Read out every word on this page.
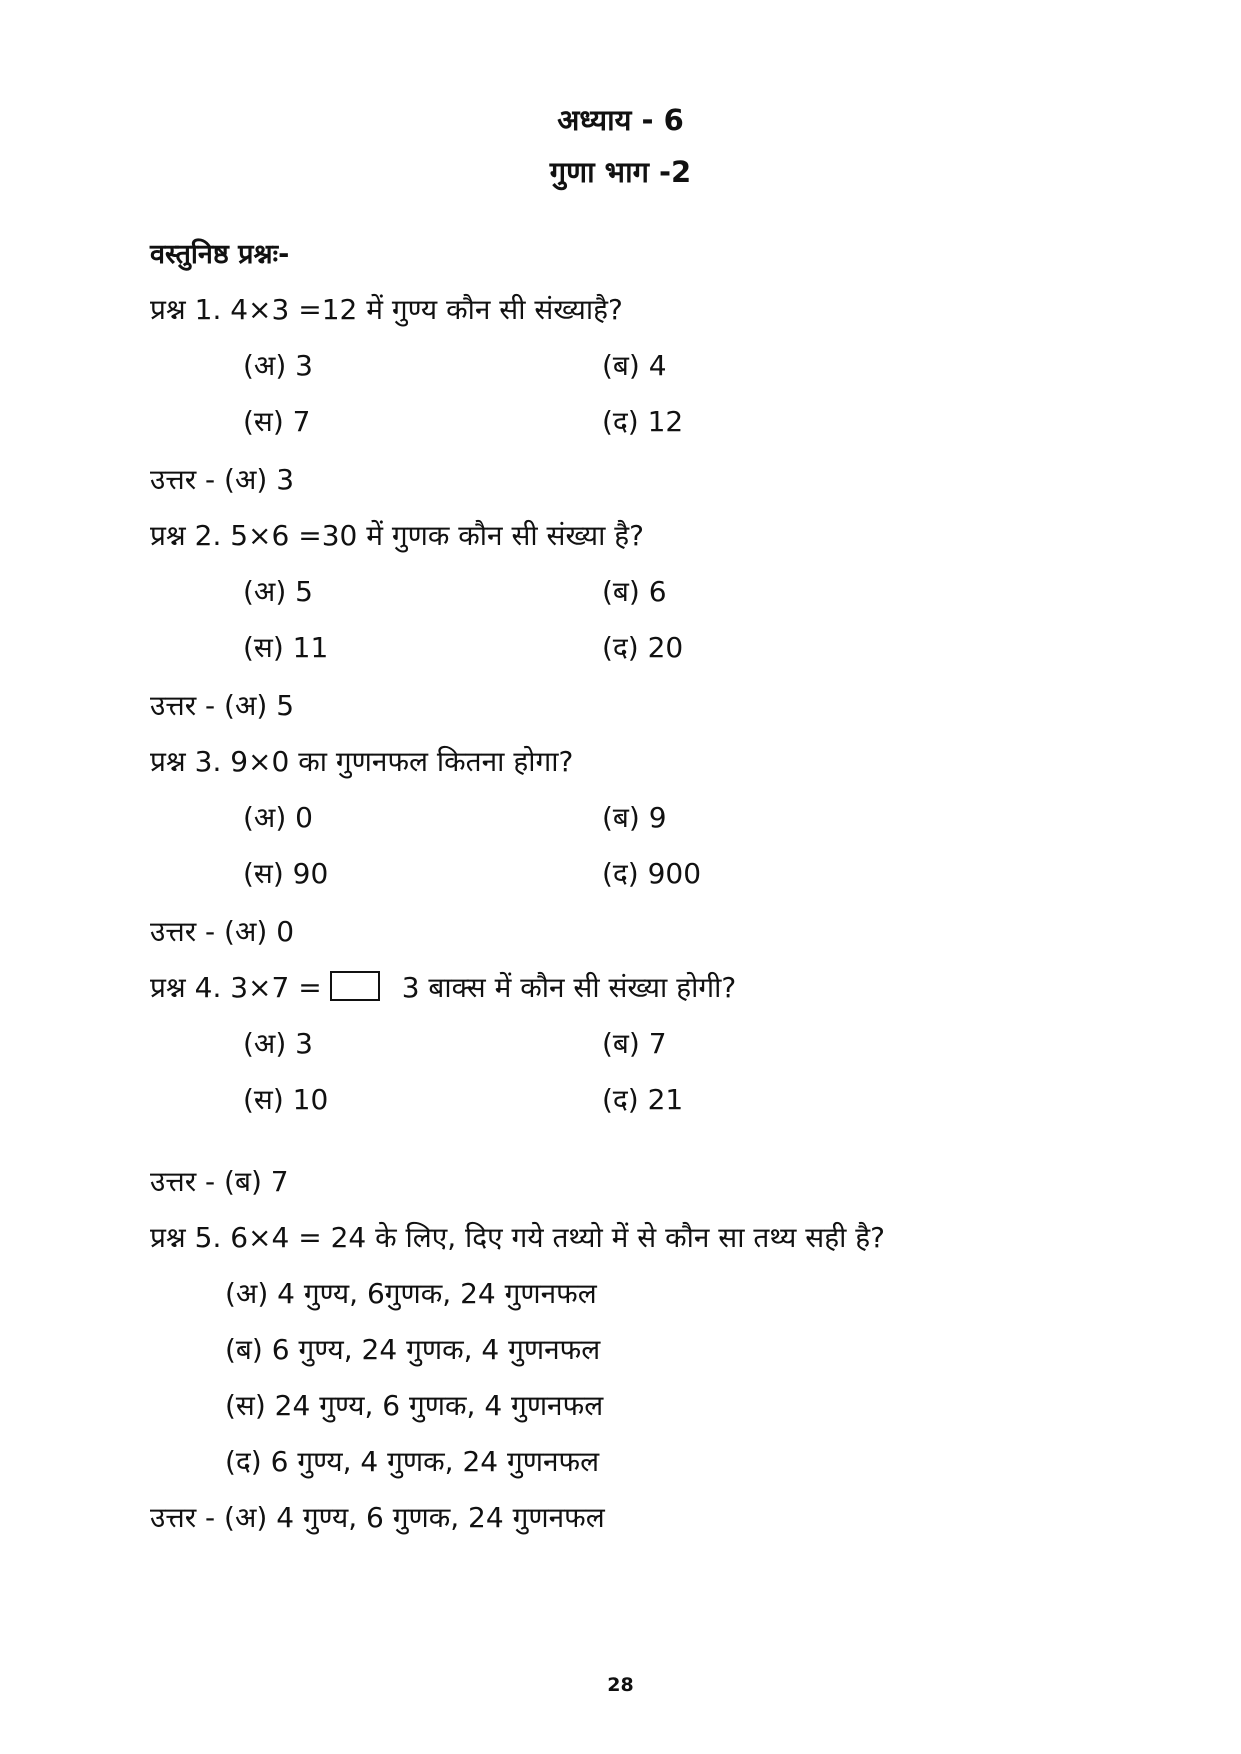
अध्याय - 6
गुणा भाग -2
वस्तुनिष्ठ प्रश्नः-
प्रश्न 1. 4×3 =12 में गुण्य कौन सी संख्याहै?
(अ) 3	(ब) 4
(स) 7	(द) 12
उत्तर - (अ) 3
प्रश्न 2. 5×6 =30 में गुणक कौन सी संख्या है?
(अ) 5	(ब) 6
(स) 11	(द) 20
उत्तर - (अ) 5
प्रश्न 3. 9×0 का गुणनफल कितना होगा?
(अ) 0	(ब) 9
(स) 90	(द) 900
उत्तर - (अ) 0
प्रश्न 4. 3×7 =	3 बाक्स में कौन सी संख्या होगी?
(अ) 3	(ब) 7
(स) 10	(द) 21
उत्तर - (ब) 7
प्रश्न 5. 6×4 = 24 के लिए, दिए गये तथ्यो में से कौन सा तथ्य सही है?
(अ) 4 गुण्य, 6गुणक, 24 गुणनफल
(ब) 6 गुण्य, 24 गुणक, 4 गुणनफल
(स) 24 गुण्य, 6 गुणक, 4 गुणनफल
(द) 6 गुण्य, 4 गुणक, 24 गुणनफल
उत्तर - (अ) 4 गुण्य, 6 गुणक, 24 गुणनफल
28
